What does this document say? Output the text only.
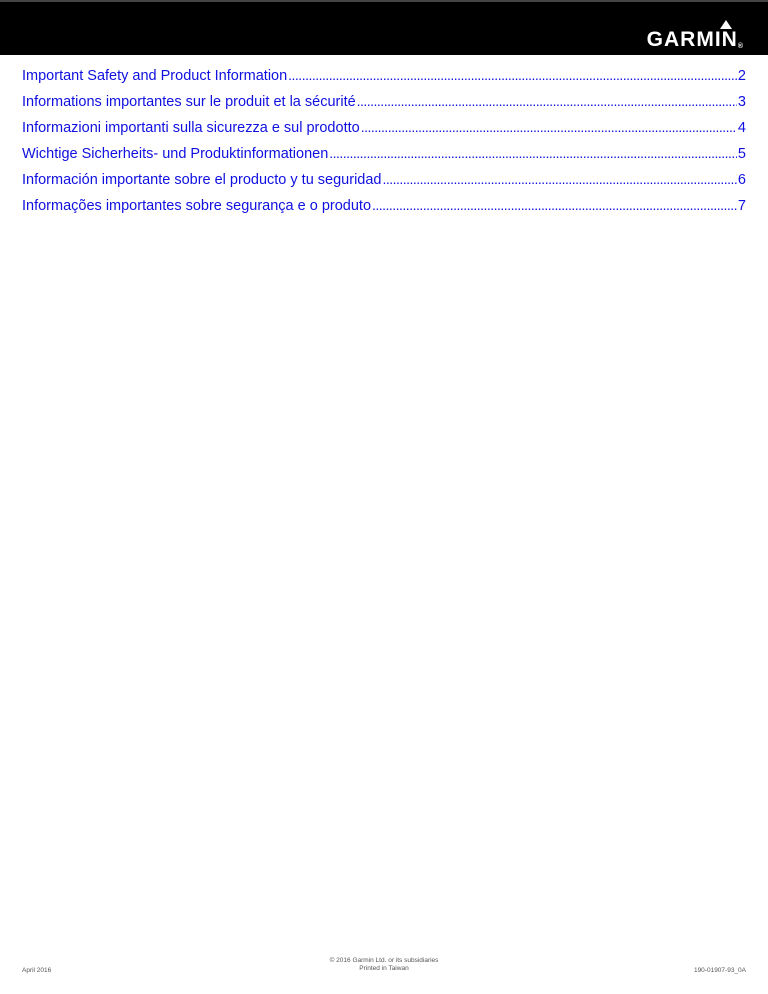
GARMIN®
Important Safety and Product Information . . .	2
Informations importantes sur le produit et la sécurité . . .	3
Informazioni importanti sulla sicurezza e sul prodotto . . .	4
Wichtige Sicherheits- und Produktinformationen . . .	5
Información importante sobre el producto y tu seguridad . . .	6
Informações importantes sobre segurança e o produto . . .	7
April 2016
© 2016 Garmin Ltd. or its subsidiaries
Printed in Taiwan	190-01907-93_0A
